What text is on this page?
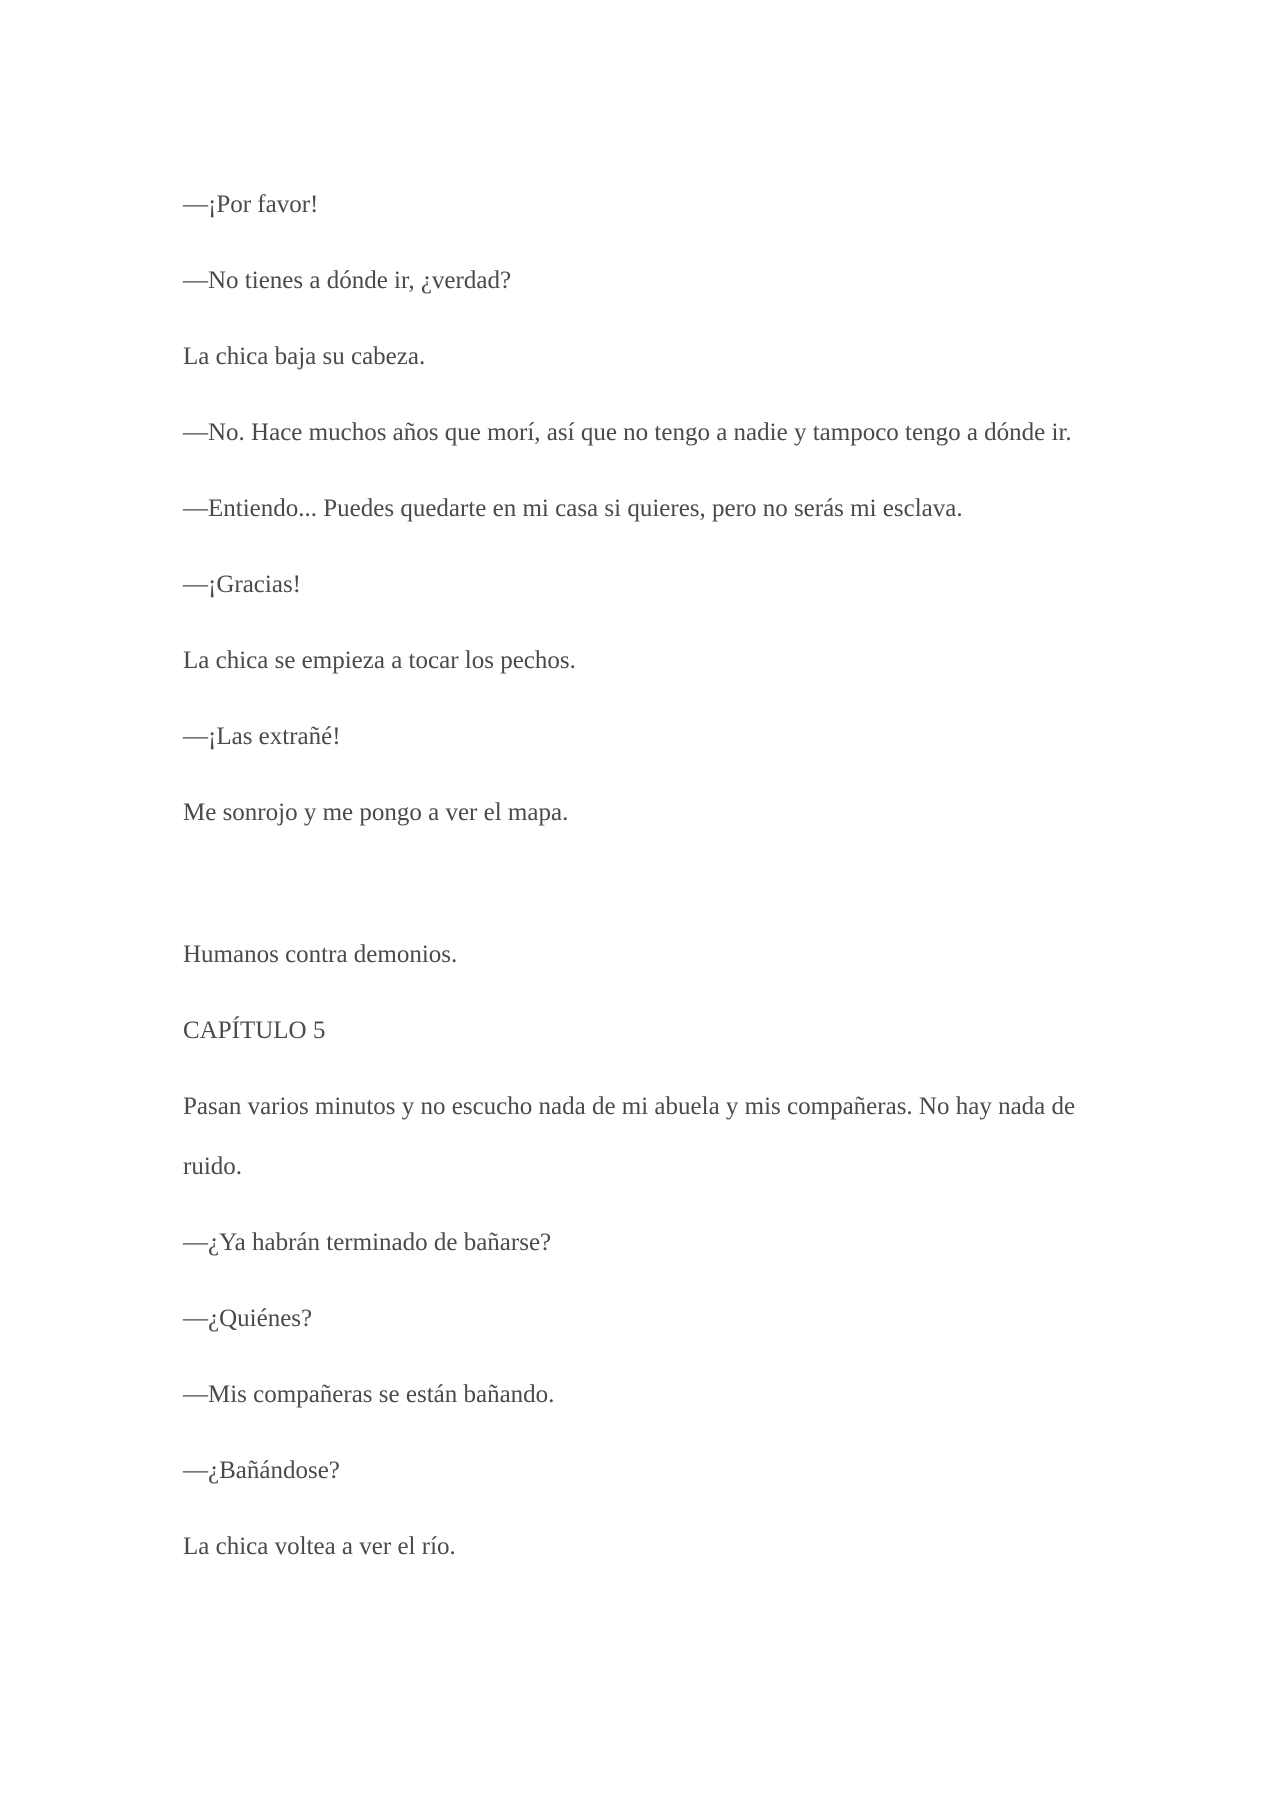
—¡Por favor!

—No tienes a dónde ir, ¿verdad?

La chica baja su cabeza.

—No. Hace muchos años que morí, así que no tengo a nadie y tampoco tengo a dónde ir.

—Entiendo... Puedes quedarte en mi casa si quieres, pero no serás mi esclava.

—¡Gracias!

La chica se empieza a tocar los pechos.

—¡Las extrañé!

Me sonrojo y me pongo a ver el mapa.

Humanos contra demonios.

CAPÍTULO 5

Pasan varios minutos y no escucho nada de mi abuela y mis compañeras. No hay nada de ruido.

—¿Ya habrán terminado de bañarse?

—¿Quiénes?

—Mis compañeras se están bañando.

—¿Bañándose?

La chica voltea a ver el río.
